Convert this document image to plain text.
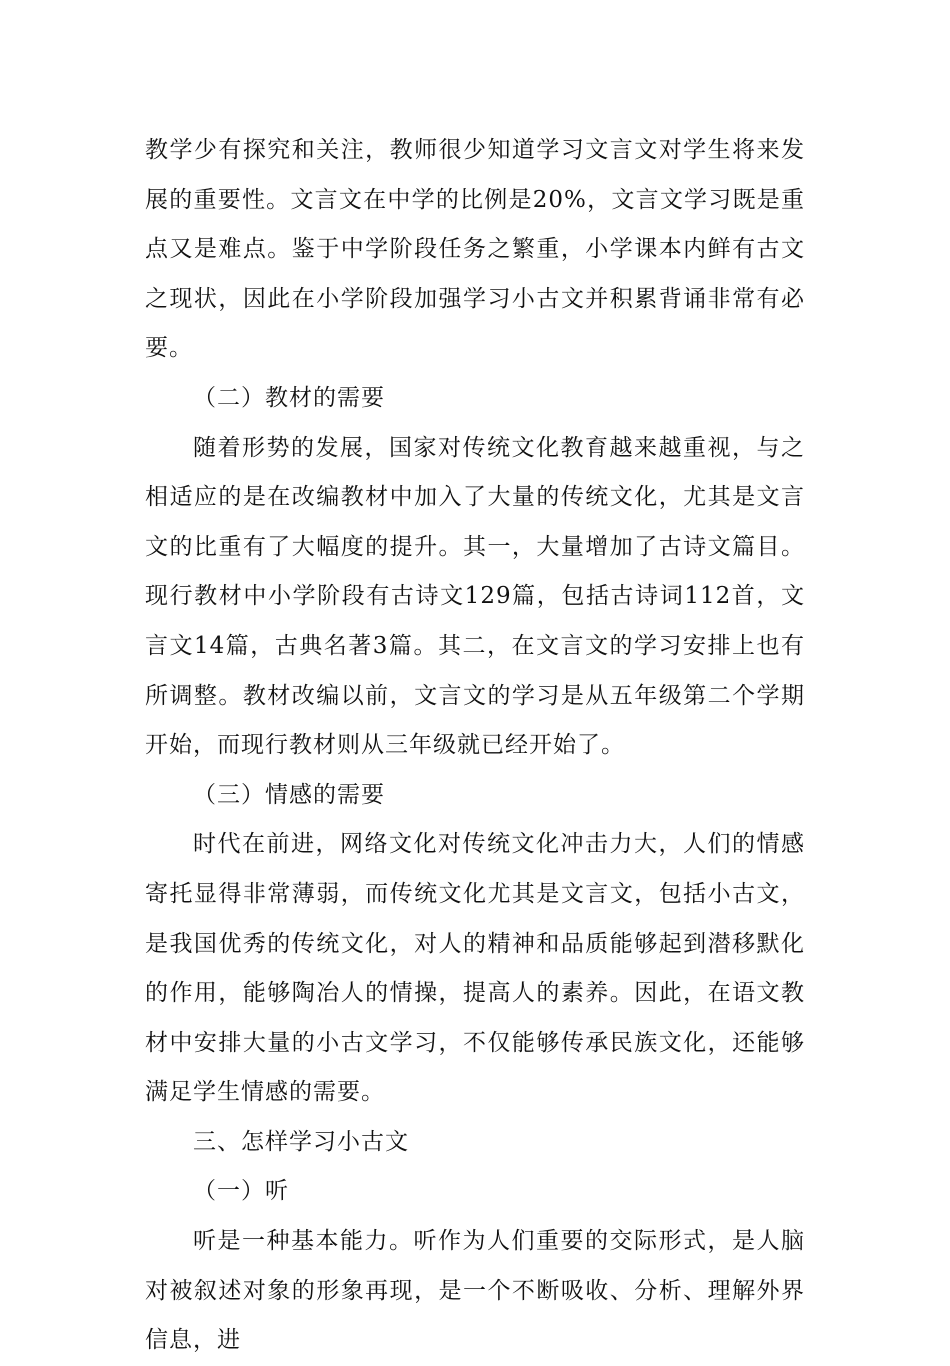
教学少有探究和关注，教师很少知道学习文言文对学生将来发展的重要性。文言文在中学的比例是20%，文言文学习既是重点又是难点。鉴于中学阶段任务之繁重，小学课本内鲜有古文之现状，因此在小学阶段加强学习小古文并积累背诵非常有必要。

（二）教材的需要

随着形势的发展，国家对传统文化教育越来越重视，与之相适应的是在改编教材中加入了大量的传统文化，尤其是文言文的比重有了大幅度的提升。其一，大量增加了古诗文篇目。现行教材中小学阶段有古诗文129篇，包括古诗词112首，文言文14篇，古典名著3篇。其二，在文言文的学习安排上也有所调整。教材改编以前，文言文的学习是从五年级第二个学期开始，而现行教材则从三年级就已经开始了。

（三）情感的需要

时代在前进，网络文化对传统文化冲击力大，人们的情感寄托显得非常薄弱，而传统文化尤其是文言文，包括小古文，是我国优秀的传统文化，对人的精神和品质能够起到潜移默化的作用，能够陶冶人的情操，提高人的素养。因此，在语文教材中安排大量的小古文学习，不仅能够传承民族文化，还能够满足学生情感的需要。

三、怎样学习小古文

（一）听

听是一种基本能力。听作为人们重要的交际形式，是人脑对被叙述对象的形象再现，是一个不断吸收、分析、理解外界信息，进
